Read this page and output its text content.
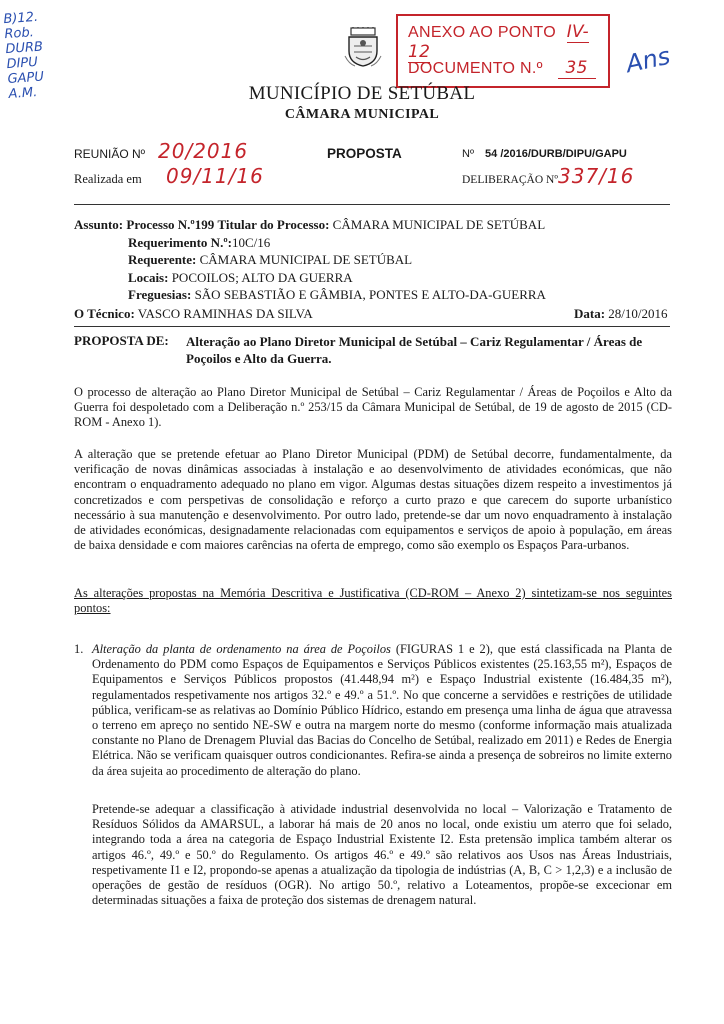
B)12.
Rob.
DURB
DIPU
GAPU
A.M.
ANEXO AO PONTO IV-12
DOCUMENTO N.º 35	Ans
MUNICÍPIO DE SETÚBAL
CÂMARA MUNICIPAL
REUNIÃO Nº 20/2016
Realizada em 09/11/16
PROPOSTA	Nº 54 /2016/DURB/DIPU/GAPU
DELIBERAÇÃO Nº 337/16
Assunto: Processo N.º199 Titular do Processo: CÂMARA MUNICIPAL DE SETÚBAL
Requerimento N.º:10C/16
Requerente: CÂMARA MUNICIPAL DE SETÚBAL
Locais: POCOILOS; ALTO DA GUERRA
Freguesias: SÃO SEBASTIÃO E GÂMBIA, PONTES E ALTO-DA-GUERRA
O Técnico: VASCO RAMINHAS DA SILVA	Data: 28/10/2016
PROPOSTA DE: Alteração ao Plano Diretor Municipal de Setúbal – Cariz Regulamentar / Áreas de
Poçoilos e Alto da Guerra.

O processo de alteração ao Plano Diretor Municipal de Setúbal – Cariz Regulamentar / Áreas de Poçoilos e Alto da Guerra foi despoletado com a Deliberação n.º 253/15 da Câmara Municipal de Setúbal, de 19 de agosto de 2015 (CD-ROM - Anexo 1).

A alteração que se pretende efetuar ao Plano Diretor Municipal (PDM) de Setúbal decorre, fundamentalmente, da verificação de novas dinâmicas associadas à instalação e ao desenvolvimento de atividades económicas, que não encontram o enquadramento adequado no plano em vigor. Algumas destas situações dizem respeito a investimentos já concretizados e com perspetivas de consolidação e reforço a curto prazo e que carecem do suporte urbanístico necessário à sua manutenção e desenvolvimento. Por outro lado, pretende-se dar um novo enquadramento à instalação de atividades económicas, designadamente relacionadas com equipamentos e serviços de apoio à população, em áreas de baixa densidade e com maiores carências na oferta de emprego, como são exemplo os Espaços Para-urbanos.

As alterações propostas na Memória Descritiva e Justificativa (CD-ROM – Anexo 2) sintetizam-se nos seguintes pontos:

1. Alteração da planta de ordenamento na área de Poçoilos (FIGURAS 1 e 2), que está classificada na Planta de Ordenamento do PDM como Espaços de Equipamentos e Serviços Públicos existentes (25.163,55 m²), Espaços de Equipamentos e Serviços Públicos propostos (41.448,94 m²) e Espaço Industrial existente (16.484,35 m²), regulamentados respetivamente nos artigos 32.º e 49.º a 51.º. No que concerne a servidões e restrições de utilidade pública, verificam-se as relativas ao Domínio Público Hídrico, estando em presença uma linha de água que atravessa o terreno em apreço no sentido NE-SW e outra na margem norte do mesmo (conforme informação mais atualizada constante no Plano de Drenagem Pluvial das Bacias do Concelho de Setúbal, realizado em 2011) e Redes de Energia Elétrica. Não se verificam quaisquer outros condicionantes. Refira-se ainda a presença de sobreiros no limite externo da área sujeita ao procedimento de alteração do plano.

Pretende-se adequar a classificação à atividade industrial desenvolvida no local – Valorização e Tratamento de Resíduos Sólidos da AMARSUL, a laborar há mais de 20 anos no local, onde existiu um aterro que foi selado, integrando toda a área na categoria de Espaço Industrial Existente I2. Esta pretensão implica também alterar os artigos 46.º, 49.º e 50.º do Regulamento. Os artigos 46.º e 49.º são relativos aos Usos nas Áreas Industriais, respetivamente I1 e I2, propondo-se apenas a atualização da tipologia de indústrias (A, B, C > 1,2,3) e a inclusão de operações de gestão de resíduos (OGR). No artigo 50.º, relativo a Loteamentos, propõe-se excecionar em determinadas situações a faixa de proteção dos sistemas de drenagem natural.
